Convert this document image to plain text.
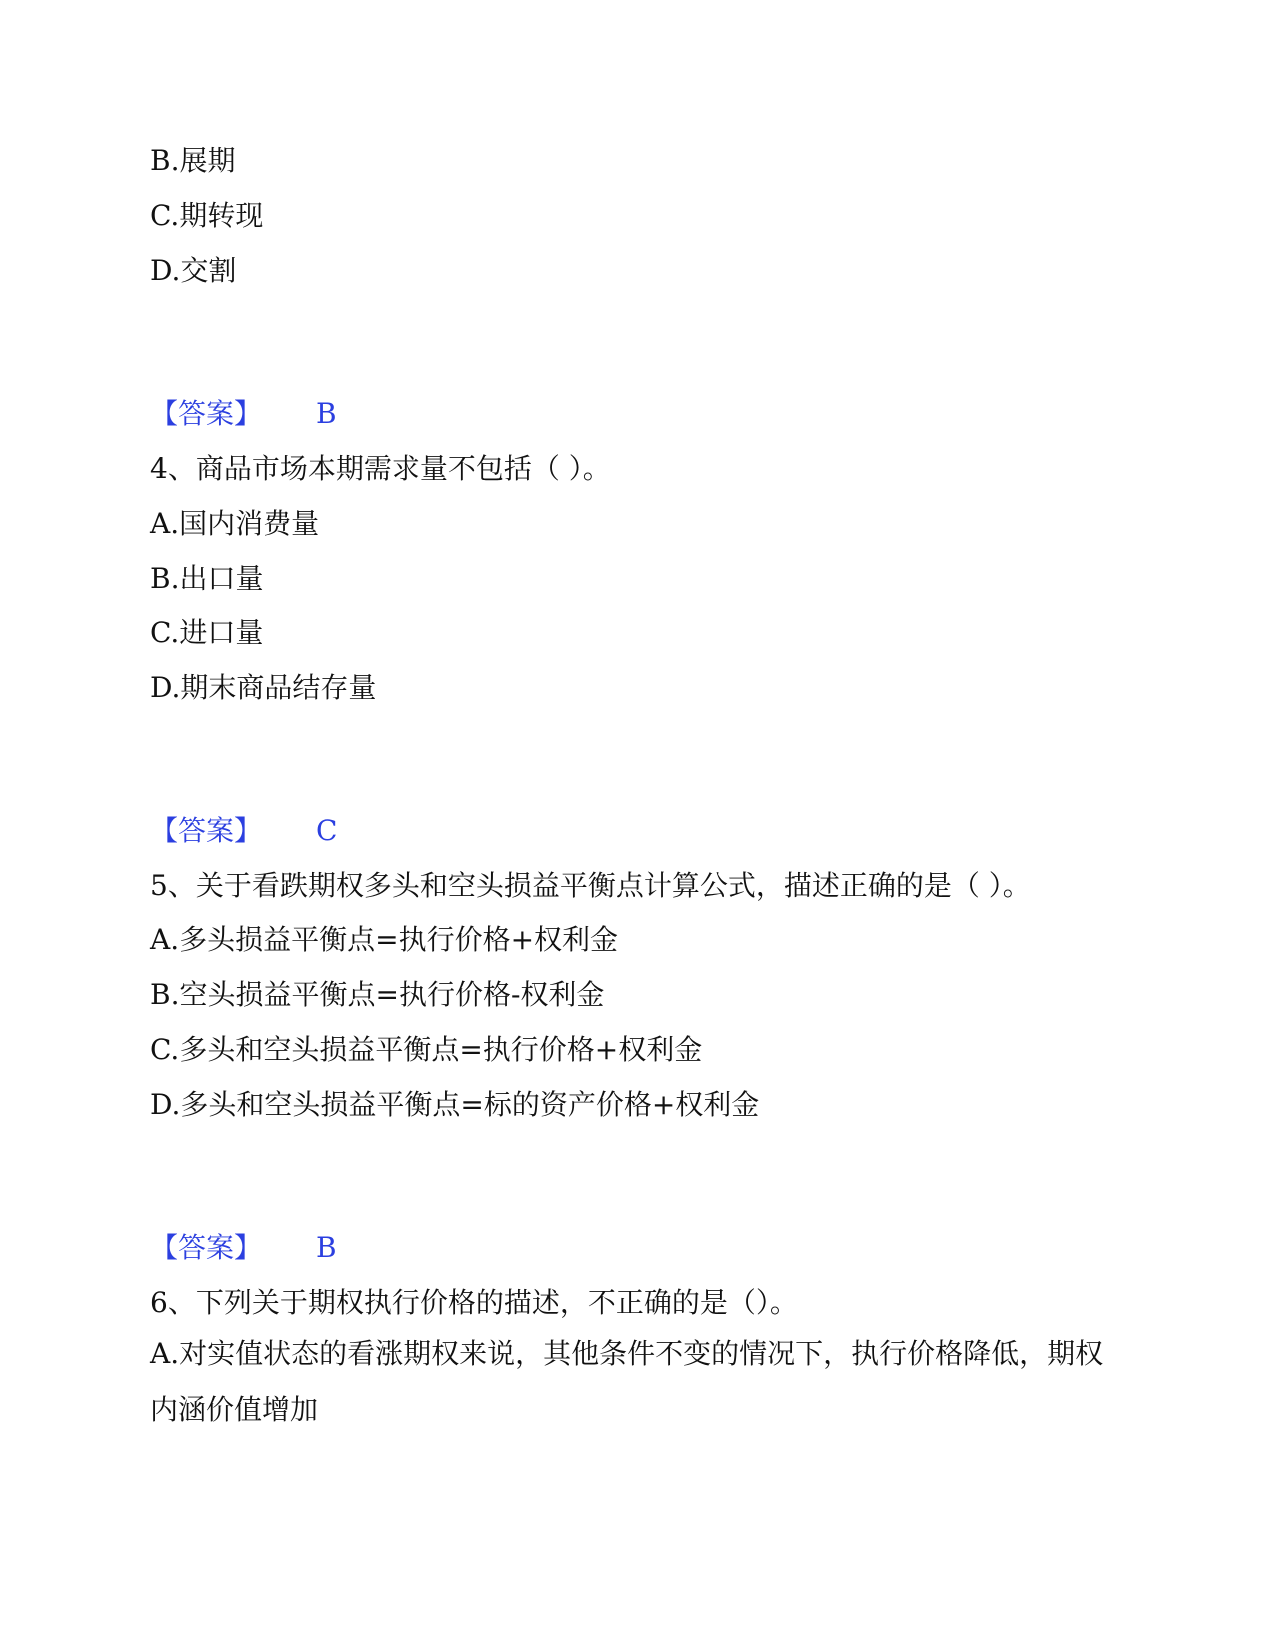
B.展期
C.期转现
D.交割
【答案】 B
4、商品市场本期需求量不包括（ ）。
A.国内消费量
B.出口量
C.进口量
D.期末商品结存量
【答案】 C
5、关于看跌期权多头和空头损益平衡点计算公式，描述正确的是（ ）。
A.多头损益平衡点=执行价格+权利金
B.空头损益平衡点=执行价格-权利金
C.多头和空头损益平衡点=执行价格+权利金
D.多头和空头损益平衡点=标的资产价格+权利金
【答案】 B
6、下列关于期权执行价格的描述，不正确的是（）。
A.对实值状态的看涨期权来说，其他条件不变的情况下，执行价格降低，期权内涵价值增加
